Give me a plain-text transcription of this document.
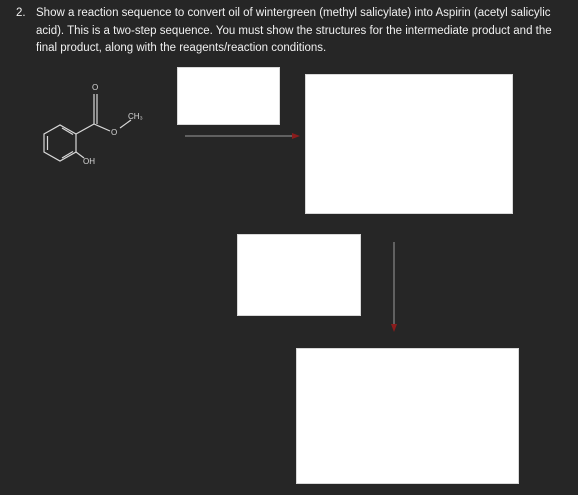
2. Show a reaction sequence to convert oil of wintergreen (methyl salicylate) into Aspirin (acetyl salicylic acid). This is a two-step sequence. You must show the structures for the intermediate product and the final product, along with the reagents/reaction conditions.
O
O
CH₃
OH
